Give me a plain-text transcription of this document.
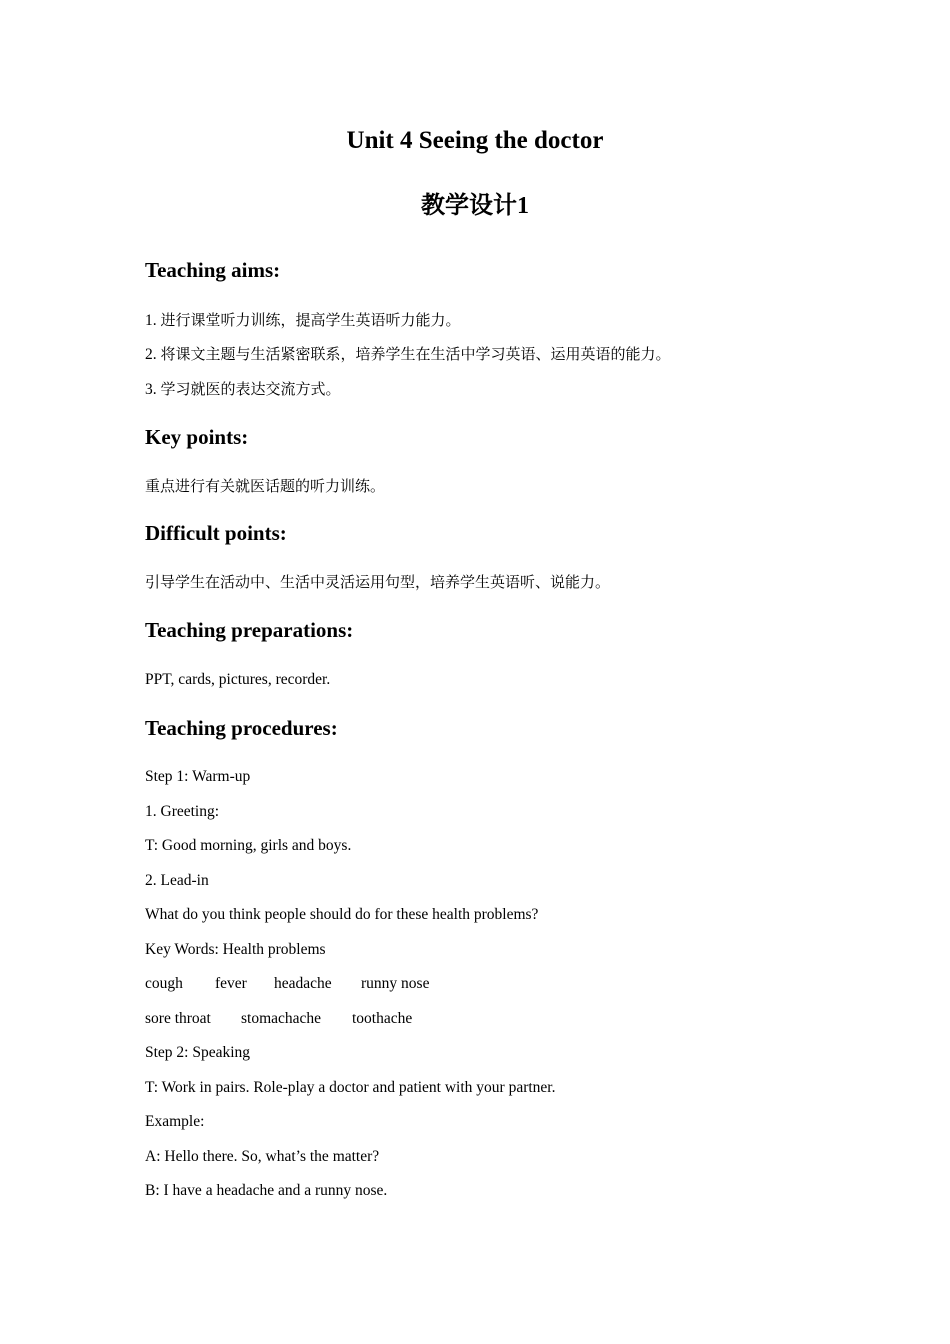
Unit 4 Seeing the doctor
教学设计1
Teaching aims:

1. 进行课堂听力训练，提高学生英语听力能力。

2. 将课文主题与生活紧密联系，培养学生在生活中学习英语、运用英语的能力。

3. 学习就医的表达交流方式。

Key points:

重点进行有关就医话题的听力训练。

Difficult points:

引导学生在活动中、生活中灵活运用句型，培养学生英语听、说能力。

Teaching preparations:

PPT, cards, pictures, recorder.

Teaching procedures:

Step 1: Warm-up

1. Greeting:

T: Good morning, girls and boys.

2. Lead-in

What do you think people should do for these health problems?

Key Words: Health problems

cough fever headache runny nose

sore throat stomachache toothache

Step 2: Speaking

T: Work in pairs. Role-play a doctor and patient with your partner.

Example:

A: Hello there. So, what’s the matter?

B: I have a headache and a runny nose.
